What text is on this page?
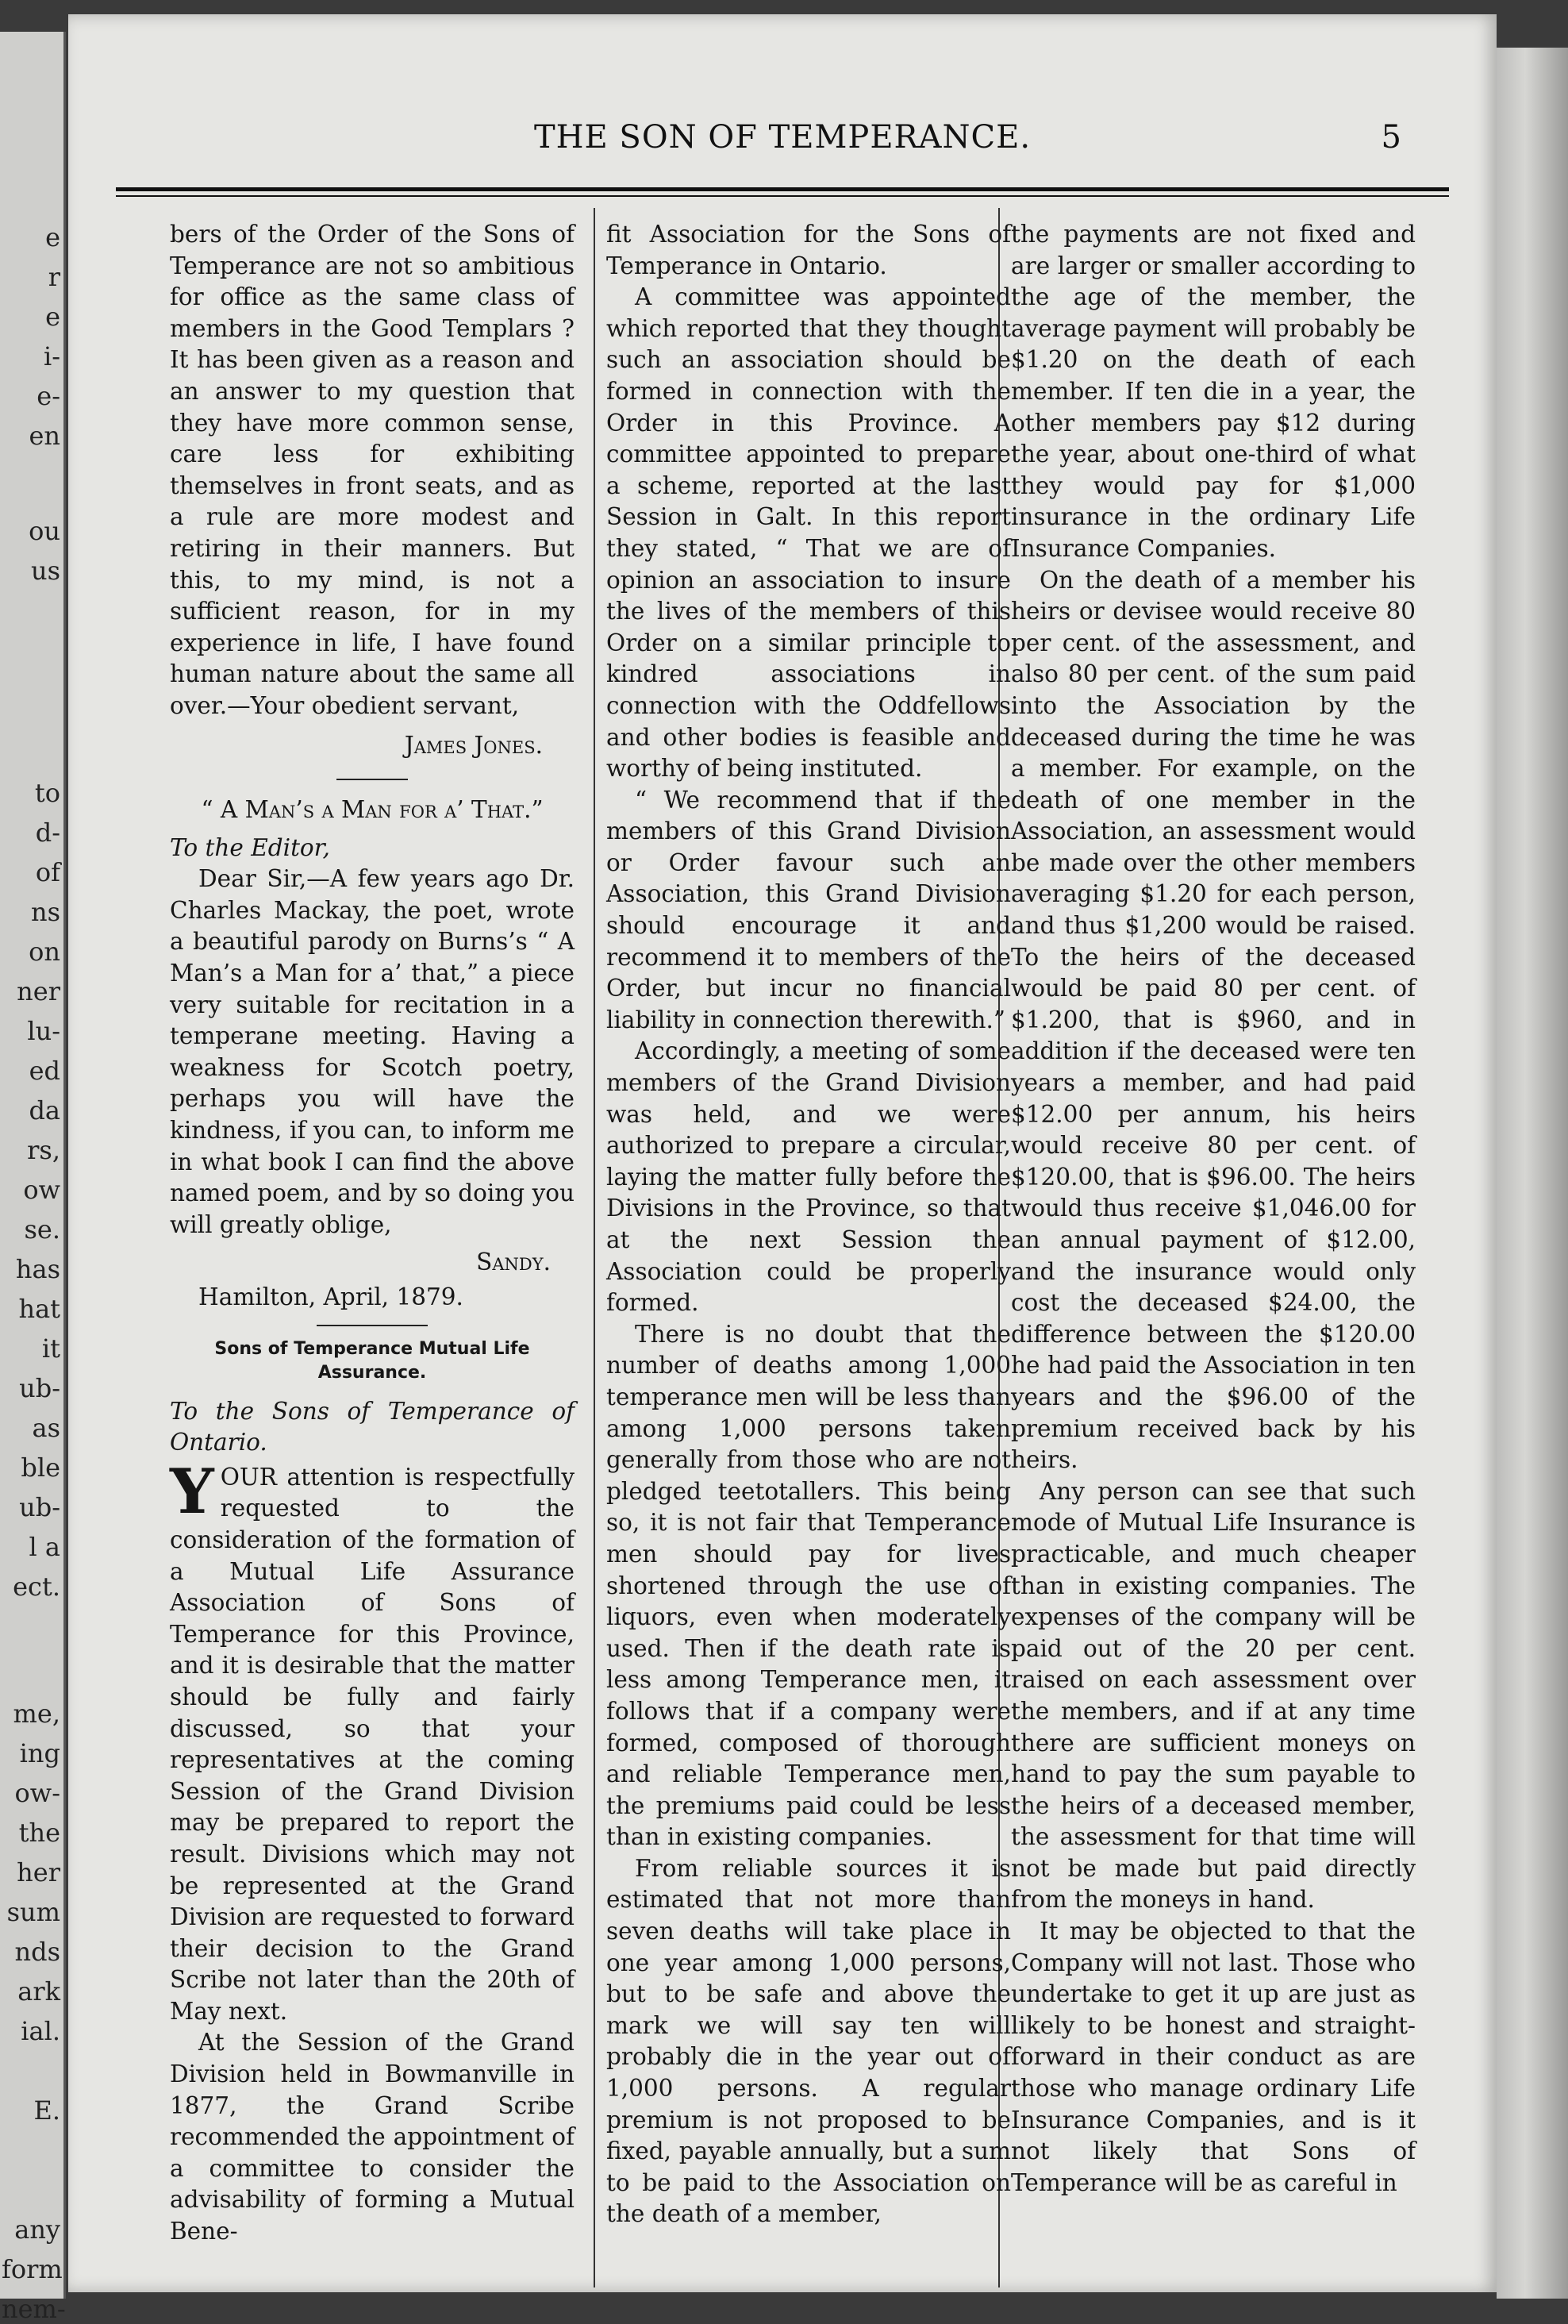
e
r
e
i-
e-
en
ou
us
to
d-
of
ns
on
ner
lu-
ed
da
rs,
ow
se.
has
hat
it
ub-
as
ble
ub-
l a
ect.
me,
ing
ow-
the
her
sum
nds
ark
ial.
E.
any
form
nem-
THE SON OF TEMPERANCE.	5

bers of the Order of the Sons of Temperance are not so ambitious for office as the same class of members in the Good Templars ? It has been given as a reason and an answer to my question that they have more common sense, care less for exhibiting themselves in front seats, and as a rule are more modest and retiring in their manners. But this, to my mind, is not a sufficient reason, for in my experience in life, I have found human nature about the same all over.—Your obedient servant,

James Jones.

“ A Man’s a Man for a’ That.”

To the Editor,

Dear Sir,—A few years ago Dr. Charles Mackay, the poet, wrote a beautiful parody on Burns’s “ A Man’s a Man for a’ that,” a piece very suitable for recitation in a temperane meeting. Having a weakness for Scotch poetry, perhaps you will have the kindness, if you can, to inform me in what book I can find the above named poem, and by so doing you will greatly oblige,

Sandy.

Hamilton, April, 1879.

Sons of Temperance Mutual Life Assurance.

To the Sons of Temperance of Ontario.

YOUR attention is respectfully requested to the consideration of the formation of a Mutual Life Assurance Association of Sons of Temperance for this Province, and it is desirable that the matter should be fully and fairly discussed, so that your representatives at the coming Session of the Grand Division may be prepared to report the result. Divisions which may not be represented at the Grand Division are requested to forward their decision to the Grand Scribe not later than the 20th of May next.

At the Session of the Grand Division held in Bowmanville in 1877, the Grand Scribe recommended the appointment of a committee to consider the advisability of forming a Mutual Bene-

fit Association for the Sons of Temperance in Ontario.

A committee was appointed which reported that they thought such an association should be formed in connection with the Order in this Province. A committee appointed to prepare a scheme, reported at the last Session in Galt. In this report they stated, “ That we are of opinion an association to insure the lives of the members of this Order on a similar principle to kindred associations in connection with the Oddfellows and other bodies is feasible and worthy of being instituted.

“ We recommend that if the members of this Grand Division or Order favour such an Association, this Grand Division should encourage it and recommend it to members of the Order, but incur no financial liability in connection therewith.”

Accordingly, a meeting of some members of the Grand Division was held, and we were authorized to prepare a circular, laying the matter fully before the Divisions in the Province, so that at the next Session the Association could be properly formed.

There is no doubt that the number of deaths among 1,000 temperance men will be less than among 1,000 persons taken generally from those who are not pledged teetotallers. This being so, it is not fair that Temperance men should pay for lives shortened through the use of liquors, even when moderately used. Then if the death rate is less among Temperance men, it follows that if a company were formed, composed of thorough and reliable Temperance men, the premiums paid could be less than in existing companies.

From reliable sources it is estimated that not more than seven deaths will take place in one year among 1,000 persons, but to be safe and above the mark we will say ten will probably die in the year out of 1,000 persons. A regular premium is not proposed to be fixed, payable annually, but a sum to be paid to the Association on the death of a member,

the payments are not fixed and are larger or smaller according to the age of the member, the average payment will probably be $1.20 on the death of each member. If ten die in a year, the other members pay $12 during the year, about one-third of what they would pay for $1,000 insurance in the ordinary Life Insurance Companies.

On the death of a member his heirs or devisee would receive 80 per cent. of the assessment, and also 80 per cent. of the sum paid into the Association by the deceased during the time he was a member. For example, on the death of one member in the Association, an assessment would be made over the other members averaging $1.20 for each person, and thus $1,200 would be raised. To the heirs of the deceased would be paid 80 per cent. of $1.200, that is $960, and in addition if the deceased were ten years a member, and had paid $12.00 per annum, his heirs would receive 80 per cent. of $120.00, that is $96.00. The heirs would thus receive $1,046.00 for an annual payment of $12.00, and the insurance would only cost the deceased $24.00, the difference between the $120.00 he had paid the Association in ten years and the $96.00 of the premium received back by his heirs.

Any person can see that such mode of Mutual Life Insurance is practicable, and much cheaper than in existing companies. The expenses of the company will be paid out of the 20 per cent. raised on each assessment over the members, and if at any time there are sufficient moneys on hand to pay the sum payable to the heirs of a deceased member, the assessment for that time will not be made but paid directly from the moneys in hand.

It may be objected to that the Company will not last. Those who undertake to get it up are just as likely to be honest and straight-forward in their conduct as are those who manage ordinary Life Insurance Companies, and is it not likely that Sons of Temperance will be as careful in
